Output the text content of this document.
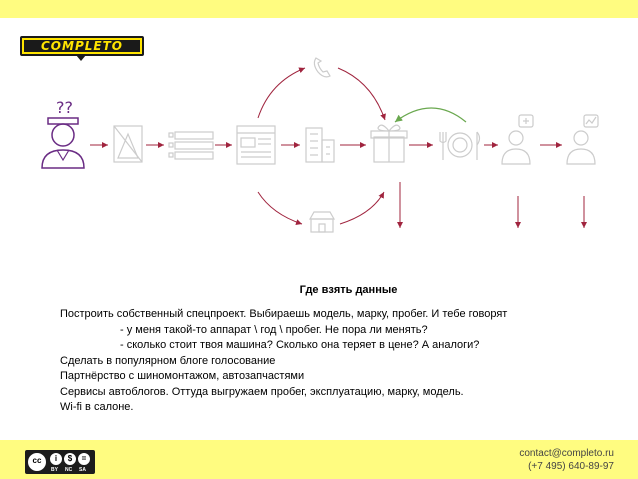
COMPLETO
??
Где взять данные
Построить собственный спецпроект. Выбираешь модель, марку, пробег. И тебе говорят
- у меня такой-то аппарат \ год \ пробег. Не пора ли менять?
- сколько стоит твоя машина? Сколько она теряет в цене? А аналоги?
Сделать в популярном блоге голосование
Партнёрство с шиномонтажом, автозапчастями
Сервисы автоблогов. Оттуда выгружаем пробег, эксплуатацию, марку, модель.
Wi-fi в салоне.
cc	i	$	=
BY NC SA
contact@completo.ru
(+7 495) 640-89-97
